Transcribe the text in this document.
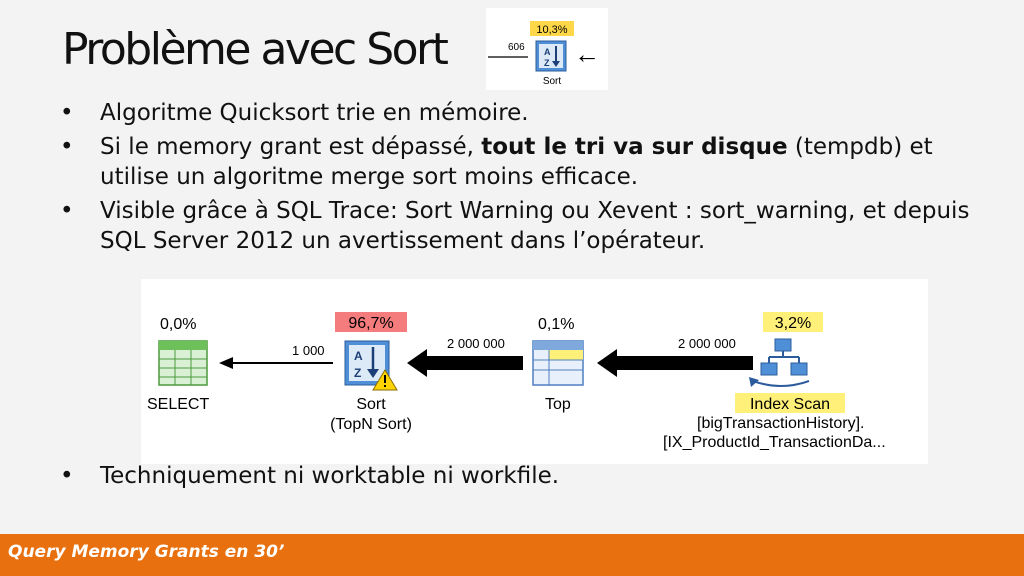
Problème avec Sort	606
10,3%
A
Z
Sort
←
• Algoritme Quicksort trie en mémoire.
• Si le memory grant est dépassé, tout le tri va sur disque (tempdb) et utilise un algoritme merge sort moins efficace.
• Visible grâce à SQL Trace: Sort Warning ou Xevent : sort_warning, et depuis SQL Server 2012 un avertissement dans l’opérateur.
0,0%
SELECT
1 000
96,7%
A
Z
Sort
(TopN Sort)
2 000 000
0,1%
Top
2 000 000
3,2%
Index Scan
[bigTransactionHistory].
[IX_ProductId_TransactionDa...
• Techniquement ni worktable ni workfile.
Query Memory Grants en 30’
